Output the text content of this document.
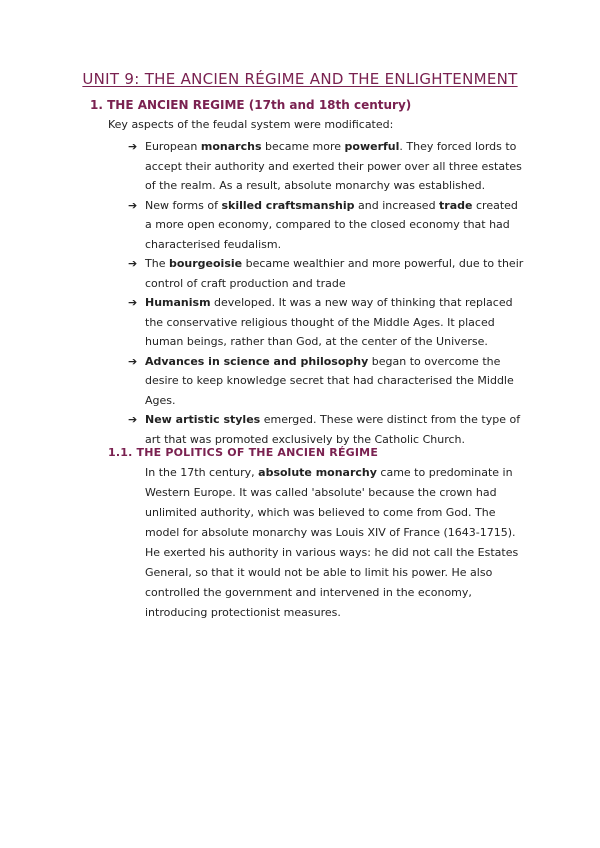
UNIT 9: THE ANCIEN RÉGIME AND THE ENLIGHTENMENT
1. THE ANCIEN REGIME (17th and 18th century)
Key aspects of the feudal system were modificated:
➔ European monarchs became more powerful. They forced lords to accept their authority and exerted their power over all three estates of the realm. As a result, absolute monarchy was established.
➔ New forms of skilled craftsmanship and increased trade created a more open economy, compared to the closed economy that had characterised feudalism.
➔ The bourgeoisie became wealthier and more powerful, due to their control of craft production and trade
➔ Humanism developed. It was a new way of thinking that replaced the conservative religious thought of the Middle Ages. It placed human beings, rather than God, at the center of the Universe.
➔ Advances in science and philosophy began to overcome the desire to keep knowledge secret that had characterised the Middle Ages.
➔ New artistic styles emerged. These were distinct from the type of art that was promoted exclusively by the Catholic Church.
1.1. THE POLITICS OF THE ANCIEN RÉGIME
In the 17th century, absolute monarchy came to predominate in Western Europe. It was called 'absolute' because the crown had unlimited authority, which was believed to come from God. The model for absolute monarchy was Louis XIV of France (1643-1715). He exerted his authority in various ways: he did not call the Estates General, so that it would not be able to limit his power. He also controlled the government and intervened in the economy, introducing protectionist measures.
